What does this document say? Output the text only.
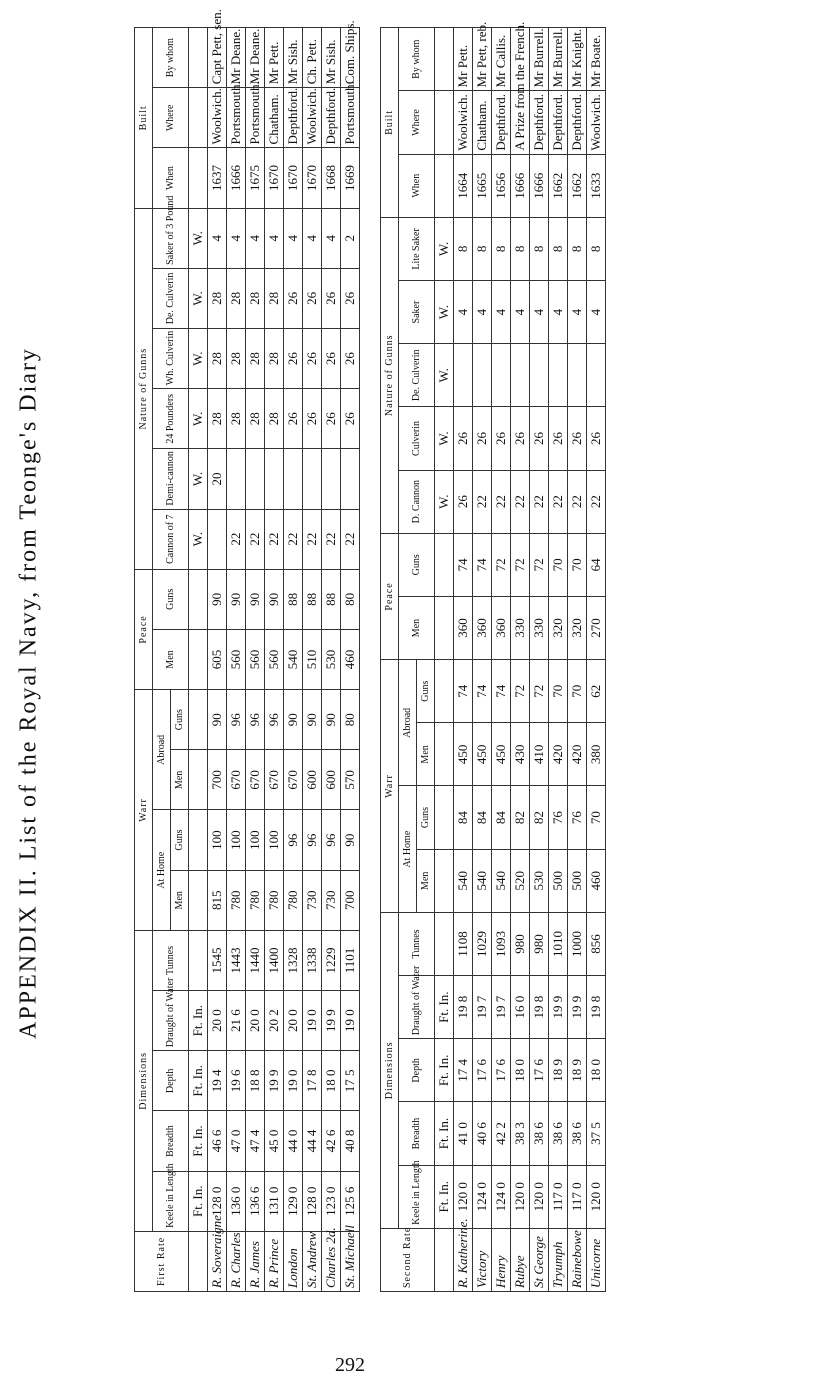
APPENDIX II. List of the Royal Navy, from Teonge's Diary
First Rate	Dimensions					Warr				Peace		Nature of Gunns						Built		
	Keele in Length	Breadth	Depth	Draught of Water	Tunnes	At Home		Abroad		Men	Guns	Cannon of 7	Demi-cannon	24 Pounders	Wh. Culverin	De. Culverin	Saker of 3 Pound	When	Where	By whom
						Men	Guns	Men	Guns											
	Ft. In.	Ft. In.	Ft. In.	Ft. In.								W.	W.	W.	W.	W.	W.			
R. Soveraigne	128 0	46 6	19 4	20 0	1545	815	100	700	90	605	90		20	28	28	28	4	1637	Woolwich.	Capt Pett, sen.
R. Charles	136 0	47 0	19 6	21 6	1443	780	100	670	96	560	90	22		28	28	28	4	1666	Portsmouth.	Mr Deane.
R. James	136 6	47 4	18 8	20 0	1440	780	100	670	96	560	90	22		28	28	28	4	1675	Portsmouth.	Mr Deane.
R. Prince	131 0	45 0	19 9	20 2	1400	780	100	670	96	560	90	22		28	28	28	4	1670	Chatham.	Mr Pett.
London	129 0	44 0	19 0	20 0	1328	780	96	670	90	540	88	22		26	26	26	4	1670	Depthford.	Mr Sish.
St. Andrew	128 0	44 4	17 8	19 0	1338	730	96	600	90	510	88	22		26	26	26	4	1670	Woolwich.	Ch. Pett.
Charles 2d.	123 0	42 6	18 0	19 9	1229	730	96	600	90	530	88	22		26	26	26	4	1668	Depthford.	Mr Sish.
St. Michaell	125 6	40 8	17 5	19 0	1101	700	90	570	80	460	80	22		26	26	26	2	1669	Portsmouth.	Com. Ships.
Second Rate	Dimensions					Warr				Peace		Nature of Gunns					Built		
	Keele in Length	Breadth	Depth	Draught of Water	Tunnes	At Home		Abroad		Men	Guns	D. Cannon	Culverin	De. Culverin	Saker	Lite Saker	When	Where	By whom
						Men	Guns	Men	Guns										
	Ft. In.	Ft. In.	Ft. In.	Ft. In.								W.	W.	W.	W.	W.			
R. Katherine.	120 0	41 0	17 4	19 8	1108	540	84	450	74	360	74	26	26		4	8	1664	Woolwich.	Mr Pett.
Victory	124 0	40 6	17 6	19 7	1029	540	84	450	74	360	74	22	26		4	8	1665	Chatham.	Mr Pett, reb.
Henry	124 0	42 2	17 6	19 7	1093	540	84	450	74	360	72	22	26		4	8	1656	Depthford.	Mr Callis.
Rubye	120 0	38 3	18 0	16 0	980	520	82	430	72	330	72	22	26		4	8	1666	A Prize from the French.	
St George	120 0	38 6	17 6	19 8	980	530	82	410	72	330	72	22	26		4	8	1666	Depthford.	Mr Burrell.
Tryumph	117 0	38 6	18 9	19 9	1010	500	76	420	70	320	70	22	26		4	8	1662	Depthford.	Mr Burrell.
Rainebowe	117 0	38 6	18 9	19 9	1000	500	76	420	70	320	70	22	26		4	8	1662	Depthford.	Mr Knight.
Unicorne	120 0	37 5	18 0	19 8	856	460	70	380	62	270	64	22	26		4	8	1633	Woolwich.	Mr Boate.
292
